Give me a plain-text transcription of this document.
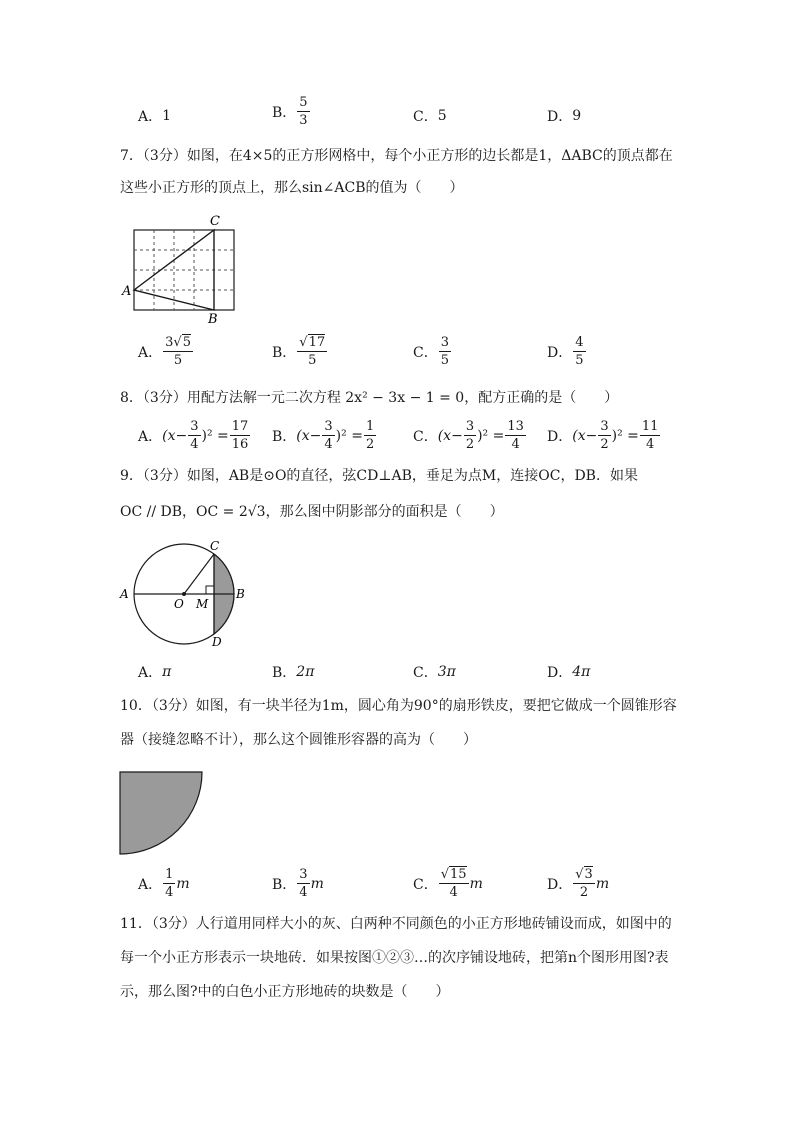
A． 1	B． $\frac{5}{3}$	C． 5	D． 9
7．（3分）如图，在4×5的正方形网格中，每个小正方形的边长都是1，ΔABC的顶点都在
这些小正方形的顶点上，那么sin∠ACB的值为（　　）
A
C
B
A． $\frac{3√5}{5}$	B． $\frac{√17}{5}$	C． $\frac{3}{5}$	D． $\frac{4}{5}$
8．（3分）用配方法解一元二次方程 2x² − 3x − 1 = 0，配方正确的是（　　）
A． $(x- \frac{3}{4} )^2 = \frac{17}{16}$ B． $(x- \frac{3}{4} )^2 = \frac{1}{2}$	C． $(x- \frac{3}{2} )^2 = \frac{13}{4}$ D． $(x- \frac{3}{2} )^2 = \frac{11}{4}$
9．（3分）如图，AB是⊙O的直径，弦CD⊥AB，垂足为点M，连接OC，DB．如果
OC // DB，OC = 2√3，那么图中阴影部分的面积是（　　）
A	B
C
D
O M
A． π	B． 2π	C． 3π	D． 4π
10．（3分）如图，有一块半径为1m，圆心角为90°的扇形铁皮，要把它做成一个圆锥形容
器（接缝忽略不计），那么这个圆锥形容器的高为（　　）
A． $\frac{1}{4}$ m	B． $\frac{3}{4}$ m	C． $\frac{√15}{4}$ m	D． $\frac{√3}{2}$ m
11．（3分）人行道用同样大小的灰、白两种不同颜色的小正方形地砖铺设而成，如图中的
每一个小正方形表示一块地砖．如果按图①②③…的次序铺设地砖，把第n个图形用图?表
示，那么图?中的白色小正方形地砖的块数是（　　）
